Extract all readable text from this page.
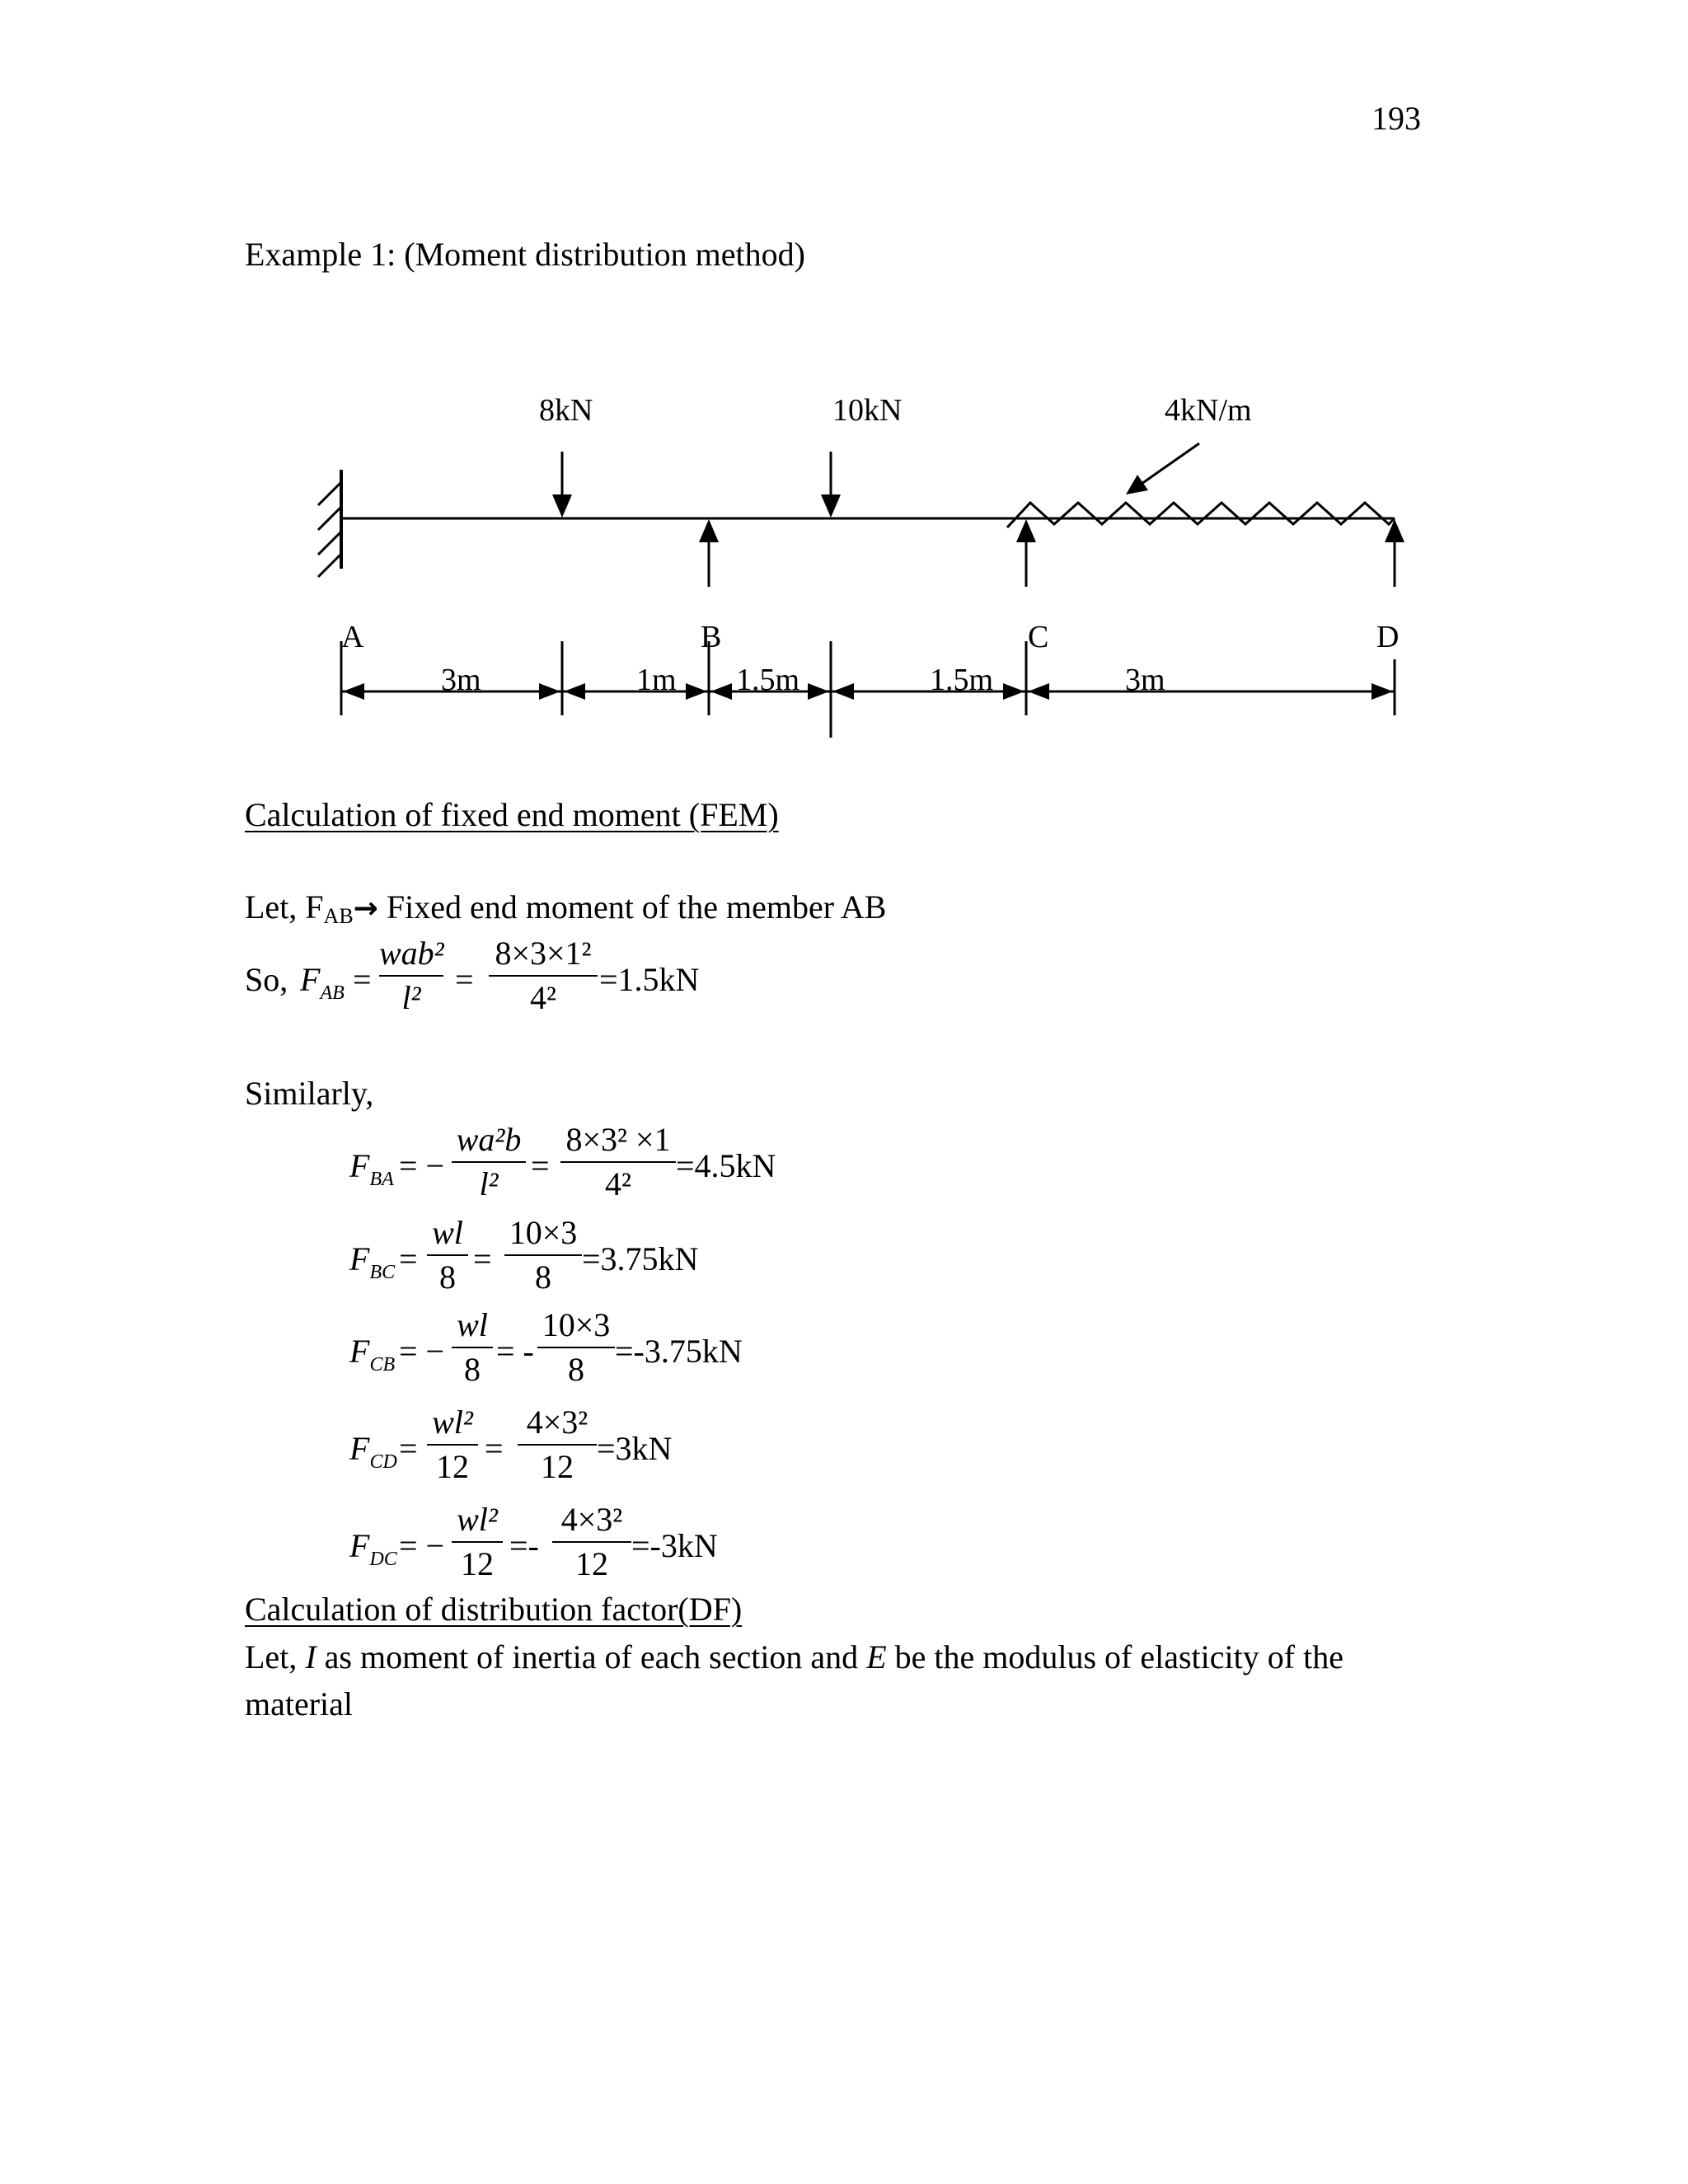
193
Example 1: (Moment distribution method)
8kN	10kN	4kN/m
A	B	C	D
3m	1m 1.5m	1.5m	3m
Calculation of fixed end moment (FEM)
Let, FAB→ Fixed end moment of the member AB
So, $F_{AB}$ =
wab²
l²	=
8×3×1²
4²	=1.5kN
Similarly,
$F_{BA}$ = −
wa²b
l² =
8×3² ×1
4²	=4.5kN
$F_{BC}$ =
wl
8 =
10×3
8 =3.75kN
$F_{CB}$ = −
wl
8 = -
10×3
8 =-3.75kN
$F_{CD}$ =
wl²
12 =
4×3²
12 =3kN
$F_{DC}$ = −
wl²
12 =-
4×3²
12 =-3kN
Calculation of distribution factor(DF)
Let, I as moment of inertia of each section and E be the modulus of elasticity of the
material
